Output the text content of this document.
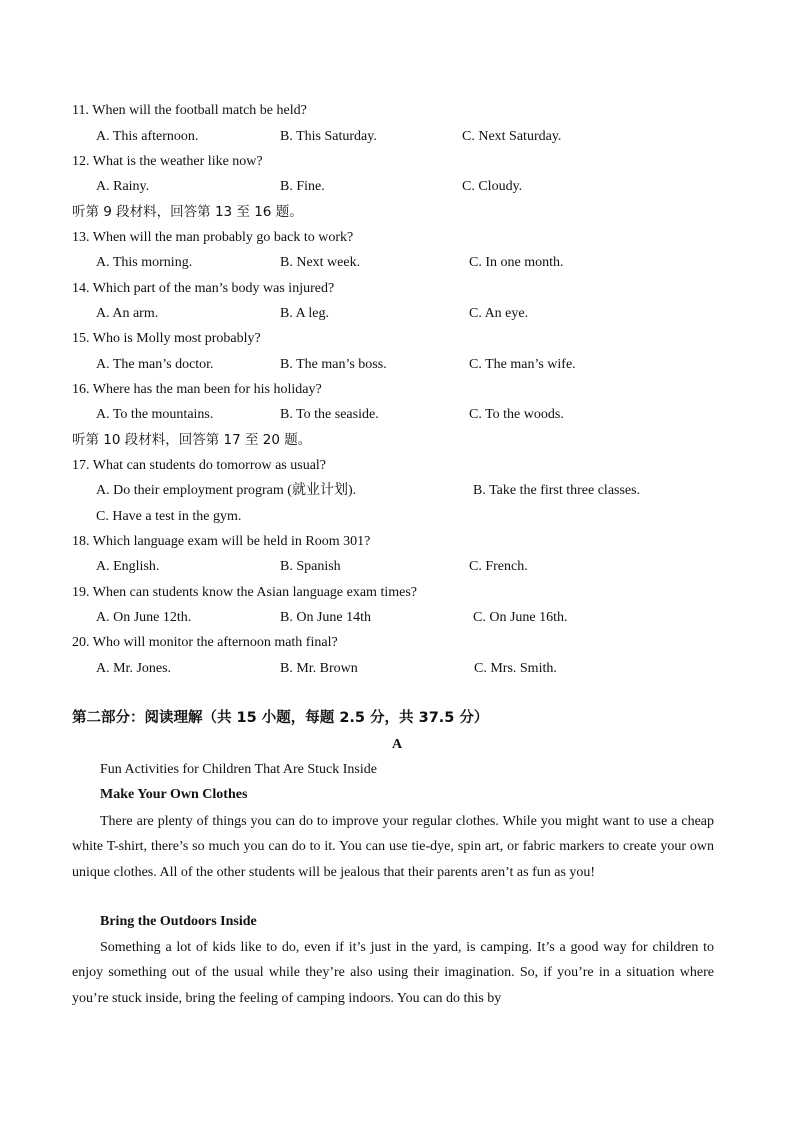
11. When will the football match be held?
A. This afternoon.	B. This Saturday.	C. Next Saturday.
12. What is the weather like now?
A. Rainy.	B. Fine.	C. Cloudy.
听第 9 段材料，回答第 13 至 16 题。
13. When will the man probably go back to work?
A. This morning.	B. Next week.	C. In one month.
14. Which part of the man’s body was injured?
A. An arm.	B. A leg.	C. An eye.
15. Who is Molly most probably?
A. The man’s doctor.	B. The man’s boss.	C. The man’s wife.
16. Where has the man been for his holiday?
A. To the mountains.	B. To the seaside.	C. To the woods.
听第 10 段材料，回答第 17 至 20 题。
17. What can students do tomorrow as usual?
A. Do their employment program (就业计划).	B. Take the first three classes.
C. Have a test in the gym.
18. Which language exam will be held in Room 301?
A. English.	B. Spanish	C. French.
19. When can students know the Asian language exam times?
A. On June 12th.	B. On June 14th	C. On June 16th.
20. Who will monitor the afternoon math final?
A. Mr. Jones.	B. Mr. Brown	C. Mrs. Smith.
第二部分：阅读理解（共 15 小题，每题 2.5 分，共 37.5 分）
A
Fun Activities for Children That Are Stuck Inside
Make Your Own Clothes
There are plenty of things you can do to improve your regular clothes. While you might want to use a cheap white T-shirt, there’s so much you can do to it. You can use tie-dye, spin art, or fabric markers to create your own unique clothes. All of the other students will be jealous that their parents aren’t as fun as you!
Bring the Outdoors Inside
Something a lot of kids like to do, even if it’s just in the yard, is camping. It’s a good way for children to enjoy something out of the usual while they’re also using their imagination. So, if you’re in a situation where you’re stuck inside, bring the feeling of camping indoors. You can do this by
